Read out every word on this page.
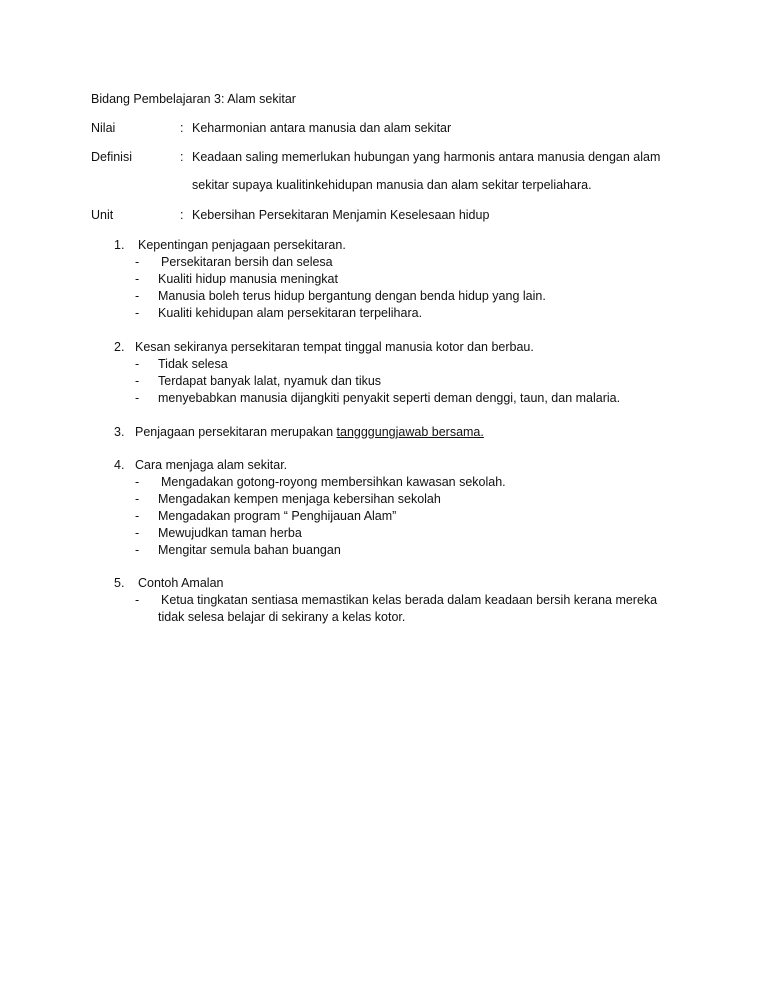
Bidang Pembelajaran 3: Alam sekitar
Nilai	: Keharmonian antara manusia dan alam sekitar
Definisi	: Keadaan saling memerlukan hubungan yang harmonis antara manusia dengan alam
sekitar supaya kualitinkehidupan manusia dan alam sekitar terpeliahara.
Unit	: Kebersihan Persekitaran Menjamin Keselesaan hidup
1. Kepentingan penjagaan persekitaran.
- Persekitaran bersih dan selesa
- Kualiti hidup manusia meningkat
- Manusia boleh terus hidup bergantung dengan benda hidup yang lain.
- Kualiti kehidupan alam persekitaran terpelihara.
2. Kesan sekiranya persekitaran tempat tinggal manusia kotor dan berbau.
- Tidak selesa
- Terdapat banyak lalat, nyamuk dan tikus
- menyebabkan manusia dijangkiti penyakit seperti deman denggi, taun, dan malaria.
3. Penjagaan persekitaran merupakan tangggungjawab bersama.
4. Cara menjaga alam sekitar.
- Mengadakan gotong-royong membersihkan kawasan sekolah.
- Mengadakan kempen menjaga kebersihan sekolah
- Mengadakan program “ Penghijauan Alam”
- Mewujudkan taman herba
- Mengitar semula bahan buangan
5. Contoh Amalan
- Ketua tingkatan sentiasa memastikan kelas berada dalam keadaan bersih kerana mereka
tidak selesa belajar di sekirany a kelas kotor.
